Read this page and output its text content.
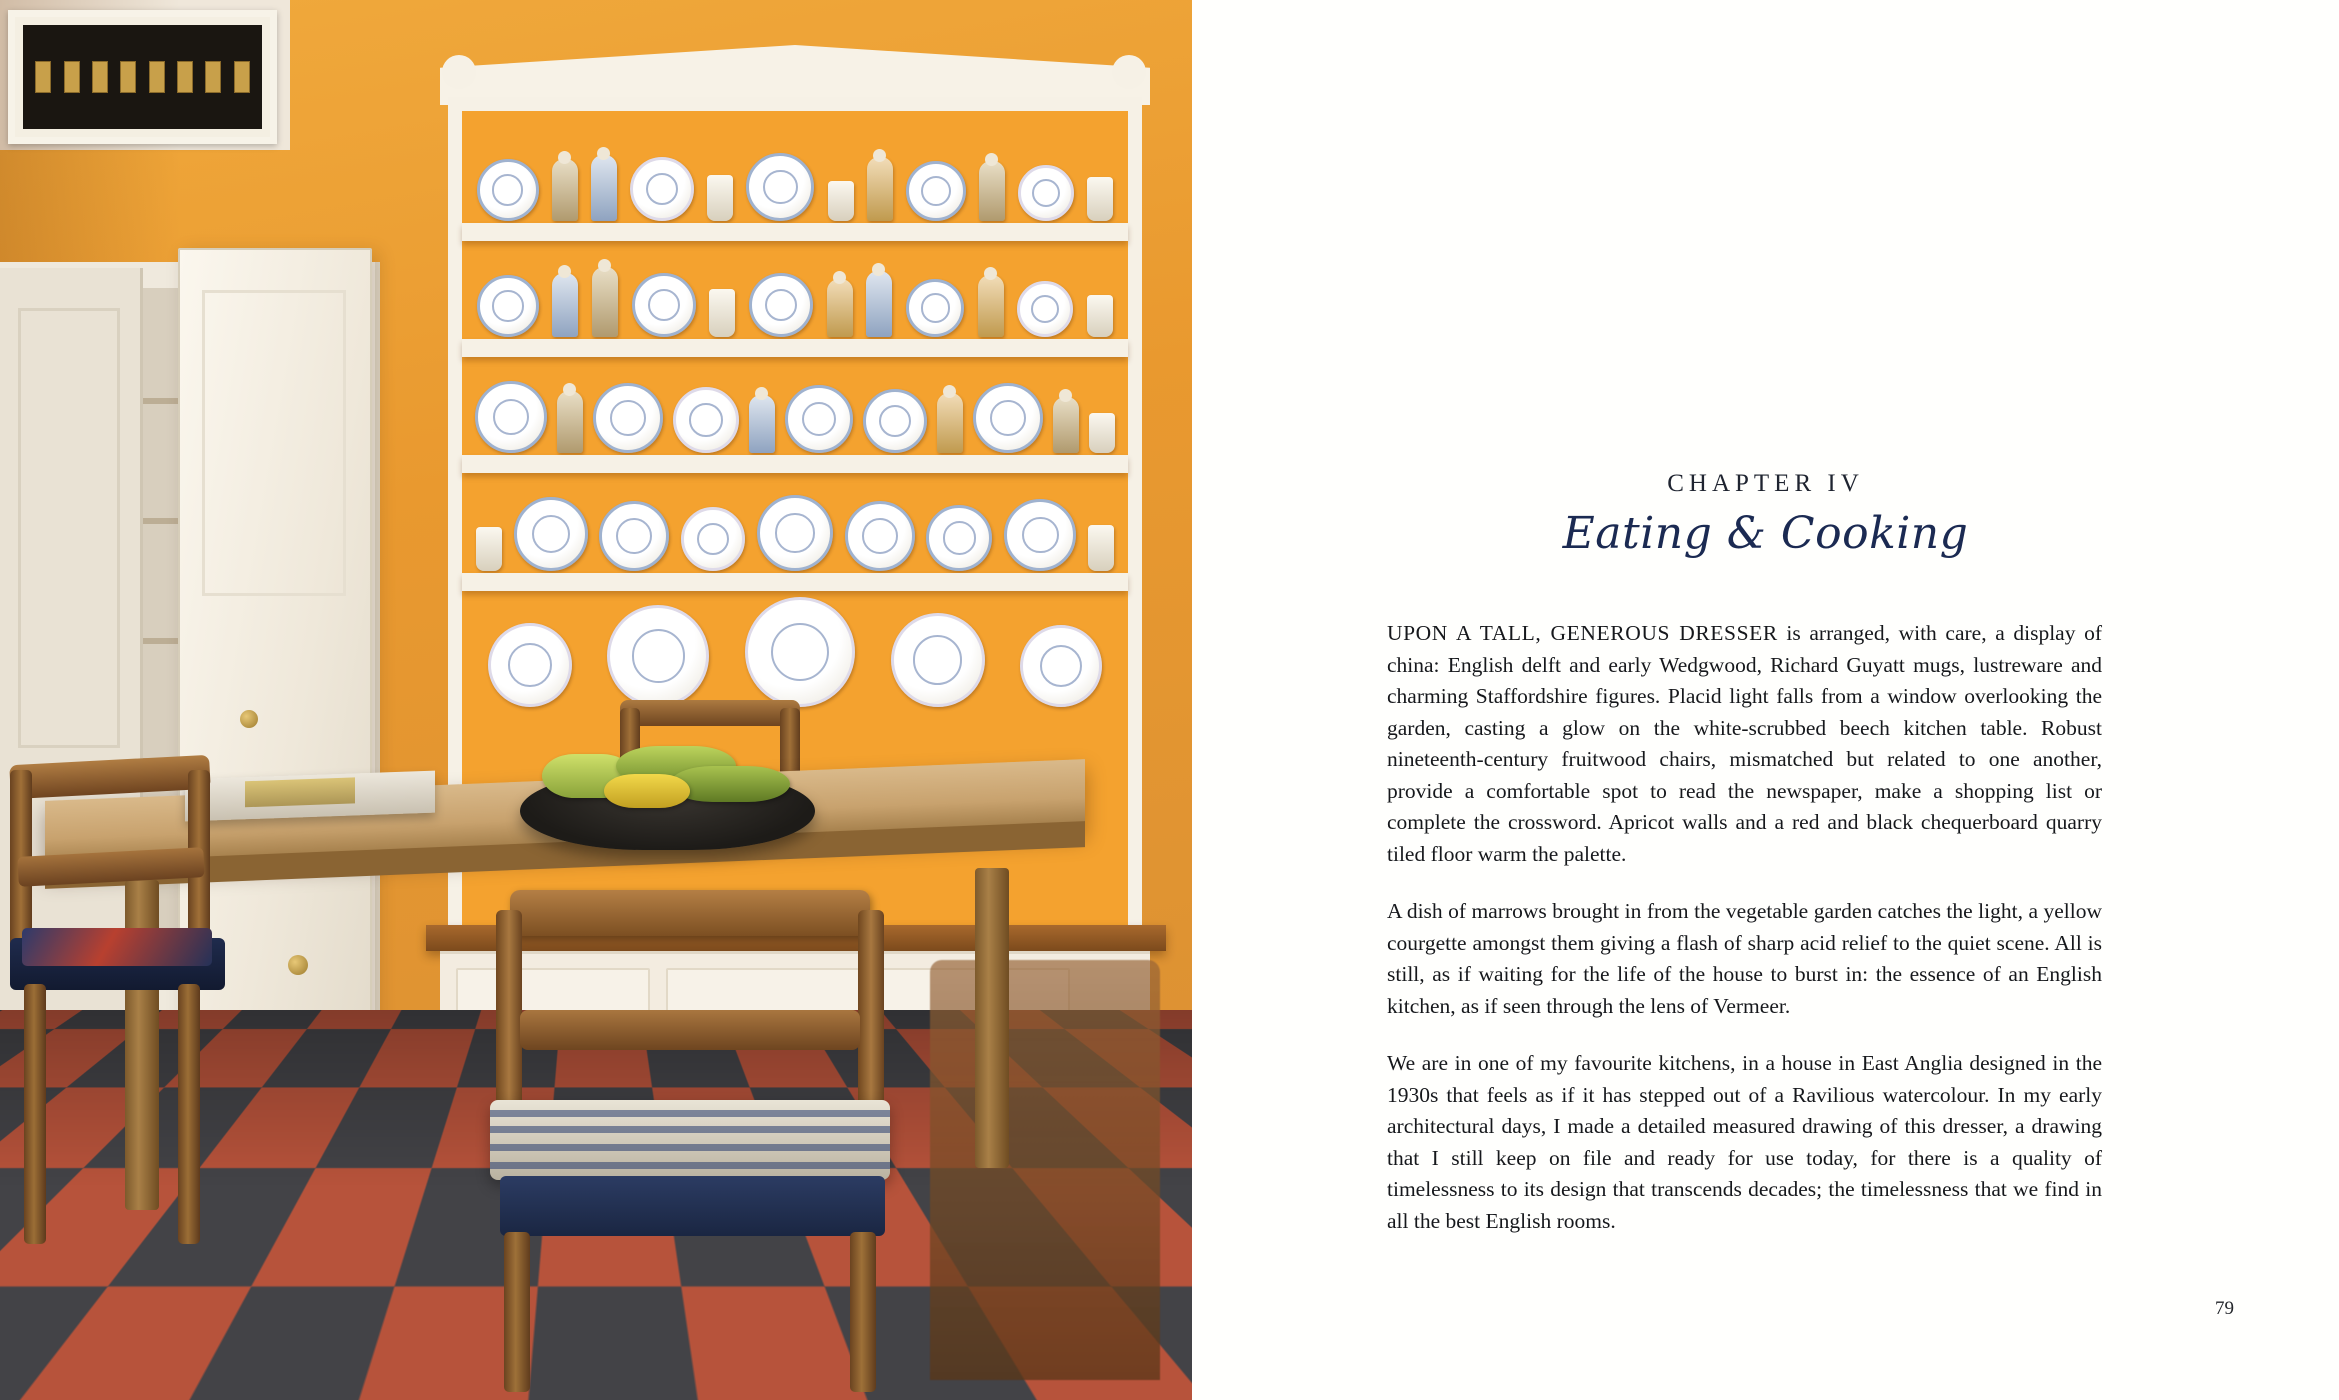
CHAPTER IV
Eating & Cooking

UPON A TALL, GENEROUS DRESSER is arranged, with care, a display of china: English delft and early Wedgwood, Richard Guyatt mugs, lustreware and charming Staffordshire figures. Placid light falls from a window overlooking the garden, casting a glow on the white-scrubbed beech kitchen table. Robust nineteenth-century fruitwood chairs, mismatched but related to one another, provide a comfortable spot to read the newspaper, make a shopping list or complete the crossword. Apricot walls and a red and black chequerboard quarry tiled floor warm the palette.

A dish of marrows brought in from the vegetable garden catches the light, a yellow courgette amongst them giving a flash of sharp acid relief to the quiet scene. All is still, as if waiting for the life of the house to burst in: the essence of an English kitchen, as if seen through the lens of Vermeer.

We are in one of my favourite kitchens, in a house in East Anglia designed in the 1930s that feels as if it has stepped out of a Ravilious watercolour. In my early architectural days, I made a detailed measured drawing of this dresser, a drawing that I still keep on file and ready for use today, for there is a quality of timelessness to its design that transcends decades; the timelessness that we find in all the best English rooms.

79
